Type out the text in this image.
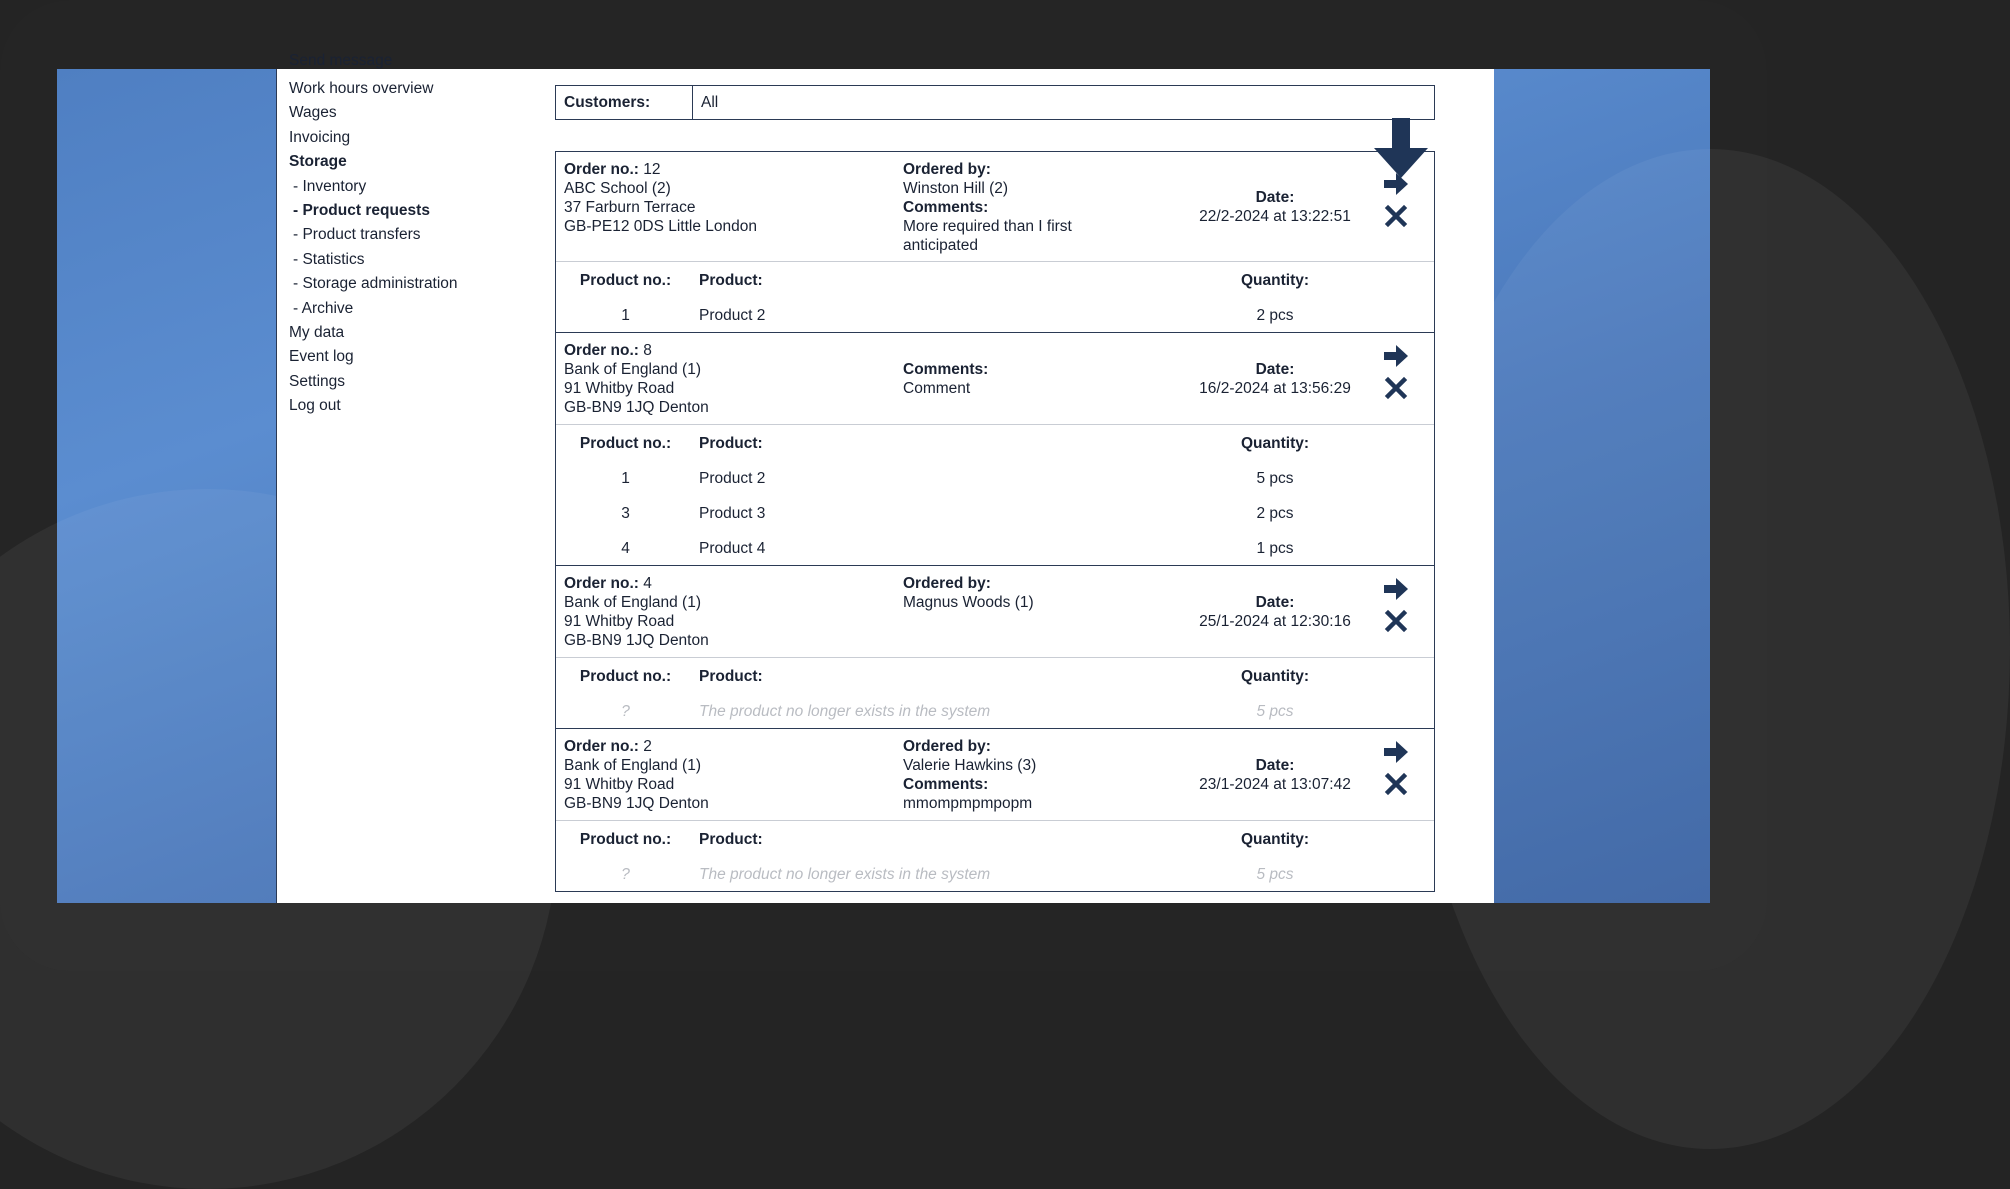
Send message
Work hours overview
Wages
Invoicing
Storage
- Inventory
- Product requests
- Product transfers
- Statistics
- Storage administration
- Archive
My data
Event log
Settings
Log out
Customers:	All
Order no.: 12
ABC School (2)
37 Farburn Terrace
GB-PE12 0DS Little London
Ordered by:
Winston Hill (2)
Comments:
More required than I first anticipated
Date:
22/2-2024 at 13:22:51
Product no.:	Product:	Quantity:
1	Product 2	2 pcs
Order no.: 8
Bank of England (1)
91 Whitby Road
GB-BN9 1JQ Denton
Comments:
Comment
Date:
16/2-2024 at 13:56:29
Product no.:	Product:	Quantity:
1	Product 2	5 pcs
3	Product 3	2 pcs
4	Product 4	1 pcs
Order no.: 4
Bank of England (1)
91 Whitby Road
GB-BN9 1JQ Denton
Ordered by:
Magnus Woods (1)	Date:
25/1-2024 at 12:30:16
Product no.:	Product:	Quantity:
?	The product no longer exists in the system	5 pcs
Order no.: 2
Bank of England (1)
91 Whitby Road
GB-BN9 1JQ Denton
Ordered by:
Valerie Hawkins (3)
Comments:
mmompmpmpopm
Date:
23/1-2024 at 13:07:42
Product no.:	Product:	Quantity:
?	The product no longer exists in the system	5 pcs
